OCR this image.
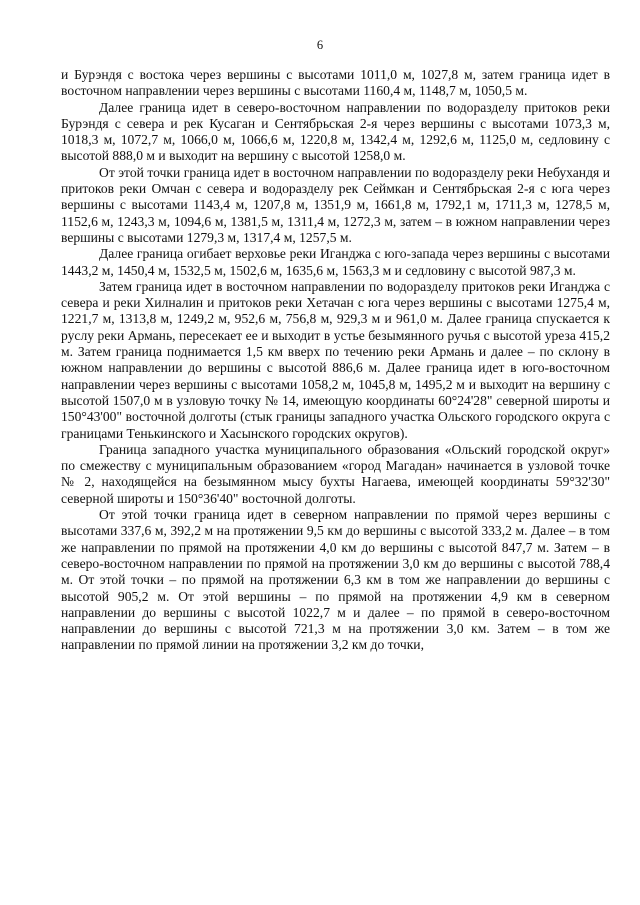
6

и Бурэндя с востока через вершины с высотами 1011,0 м, 1027,8 м, затем граница идет в восточном направлении через вершины с высотами 1160,4 м, 1148,7 м, 1050,5 м.

Далее граница идет в северо-восточном направлении по водоразделу притоков реки Бурэндя с севера и рек Кусаган и Сентябрьская 2-я через вершины с высотами 1073,3 м, 1018,3 м, 1072,7 м, 1066,0 м, 1066,6 м, 1220,8 м, 1342,4 м, 1292,6 м, 1125,0 м, седловину с высотой 888,0 м и выходит на вершину с высотой 1258,0 м.

От этой точки граница идет в восточном направлении по водоразделу реки Небухандя и притоков реки Омчан с севера и водоразделу рек Сеймкан и Сентябрьская 2-я с юга через вершины с высотами 1143,4 м, 1207,8 м, 1351,9 м, 1661,8 м, 1792,1 м, 1711,3 м, 1278,5 м, 1152,6 м, 1243,3 м, 1094,6 м, 1381,5 м, 1311,4 м, 1272,3 м, затем – в южном направлении через вершины с высотами 1279,3 м, 1317,4 м, 1257,5 м.

Далее граница огибает верховье реки Иганджа с юго-запада через вершины с высотами 1443,2 м, 1450,4 м, 1532,5 м, 1502,6 м, 1635,6 м, 1563,3 м и седловину с высотой 987,3 м.

Затем граница идет в восточном направлении по водоразделу притоков реки Иганджа с севера и реки Хилналин и притоков реки Хетачан с юга через вершины с высотами 1275,4 м, 1221,7 м, 1313,8 м, 1249,2 м, 952,6 м, 756,8 м, 929,3 м и 961,0 м. Далее граница спускается к руслу реки Армань, пересекает ее и выходит в устье безымянного ручья с высотой уреза 415,2 м. Затем граница поднимается 1,5 км вверх по течению реки Армань и далее – по склону в южном направлении до вершины с высотой 886,6 м. Далее граница идет в юго-восточном направлении через вершины с высотами 1058,2 м, 1045,8 м, 1495,2 м и выходит на вершину с высотой 1507,0 м в узловую точку № 14, имеющую координаты 60°24'28" северной широты и 150°43'00" восточной долготы (стык границы западного участка Ольского городского округа с границами Тенькинского и Хасынского городских округов).

Граница западного участка муниципального образования «Ольский городской округ» по смежеству с муниципальным образованием «город Магадан» начинается в узловой точке № 2, находящейся на безымянном мысу бухты Нагаева, имеющей координаты 59°32'30" северной широты и 150°36'40" восточной долготы.

От этой точки граница идет в северном направлении по прямой через вершины с высотами 337,6 м, 392,2 м на протяжении 9,5 км до вершины с высотой 333,2 м. Далее – в том же направлении по прямой на протяжении 4,0 км до вершины с высотой 847,7 м. Затем – в северо-восточном направлении по прямой на протяжении 3,0 км до вершины с высотой 788,4 м. От этой точки – по прямой на протяжении 6,3 км в том же направлении до вершины с высотой 905,2 м. От этой вершины – по прямой на протяжении 4,9 км в северном направлении до вершины с высотой 1022,7 м и далее – по прямой в северо-восточном направлении до вершины с высотой 721,3 м на протяжении 3,0 км. Затем – в том же направлении по прямой линии на протяжении 3,2 км до точки,
